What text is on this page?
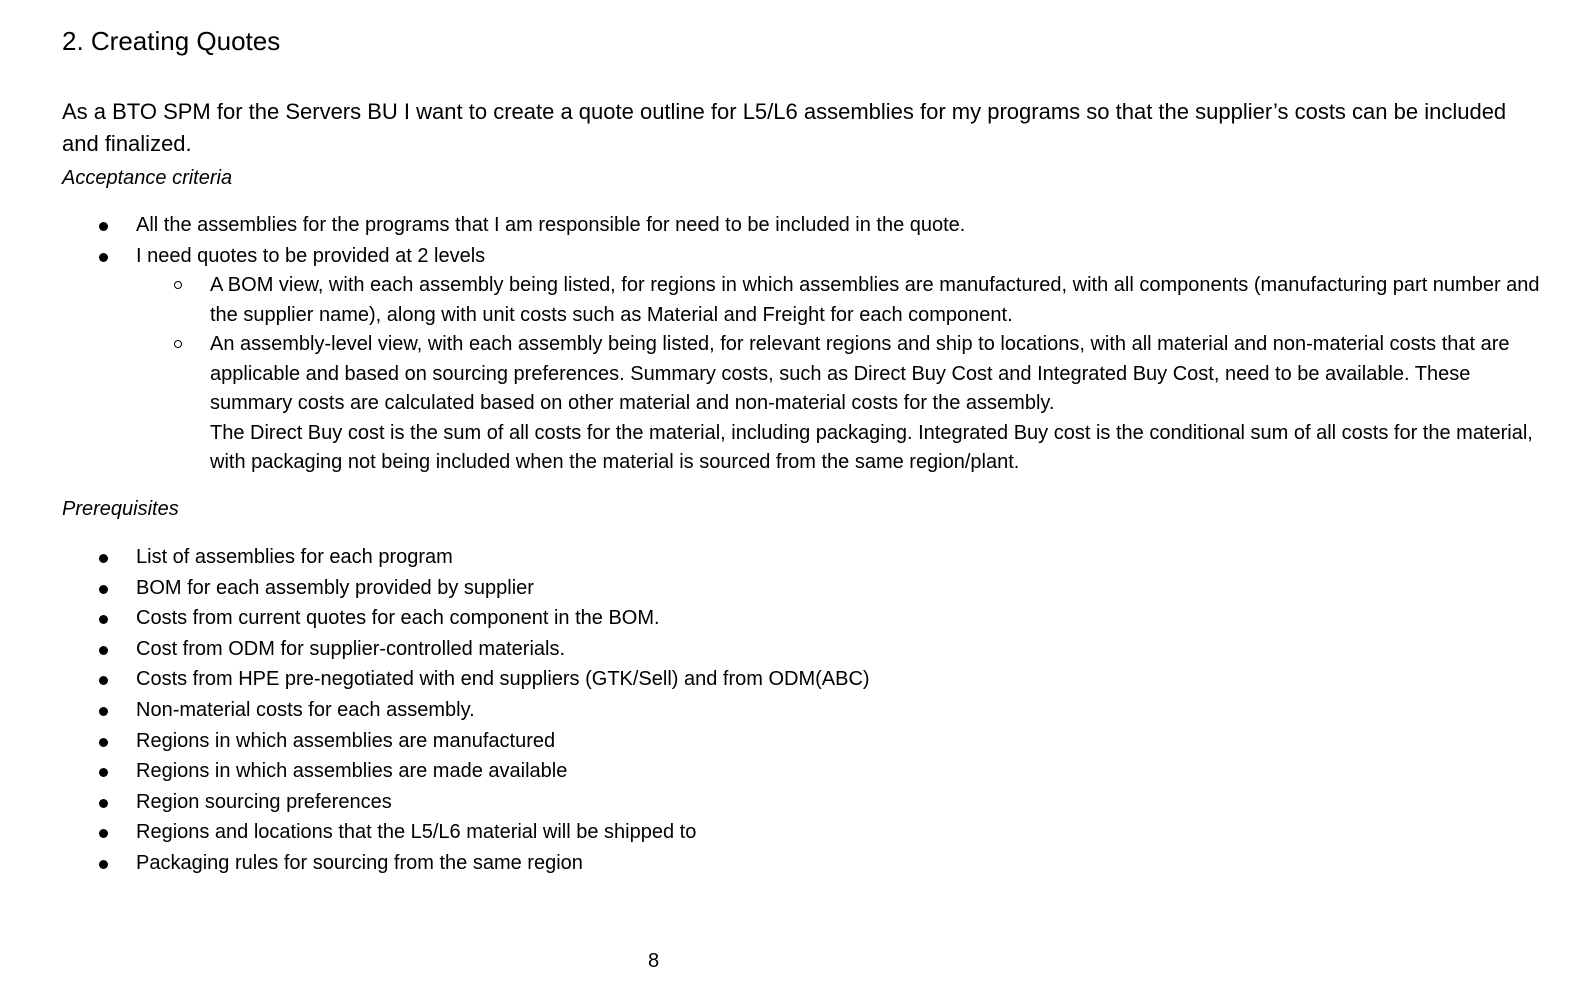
2. Creating Quotes

As a BTO SPM for the Servers BU I want to create a quote outline for L5/L6 assemblies for my programs so that the supplier’s costs can be included and finalized.

Acceptance criteria

All the assemblies for the programs that I am responsible for need to be included in the quote.
I need quotes to be provided at 2 levels
A BOM view, with each assembly being listed, for regions in which assemblies are manufactured, with all components (manufacturing part number and the supplier name), along with unit costs such as Material and Freight for each component.
An assembly-level view, with each assembly being listed, for relevant regions and ship to locations, with all material and non-material costs that are applicable and based on sourcing preferences. Summary costs, such as Direct Buy Cost and Integrated Buy Cost, need to be available. These summary costs are calculated based on other material and non-material costs for the assembly.
The Direct Buy cost is the sum of all costs for the material, including packaging. Integrated Buy cost is the conditional sum of all costs for the material, with packaging not being included when the material is sourced from the same region/plant.

Prerequisites

List of assemblies for each program
BOM for each assembly provided by supplier
Costs from current quotes for each component in the BOM.
Cost from ODM for supplier-controlled materials.
Costs from HPE pre-negotiated with end suppliers (GTK/Sell) and from ODM(ABC)
Non-material costs for each assembly.
Regions in which assemblies are manufactured
Regions in which assemblies are made available
Region sourcing preferences
Regions and locations that the L5/L6 material will be shipped to
Packaging rules for sourcing from the same region
8
